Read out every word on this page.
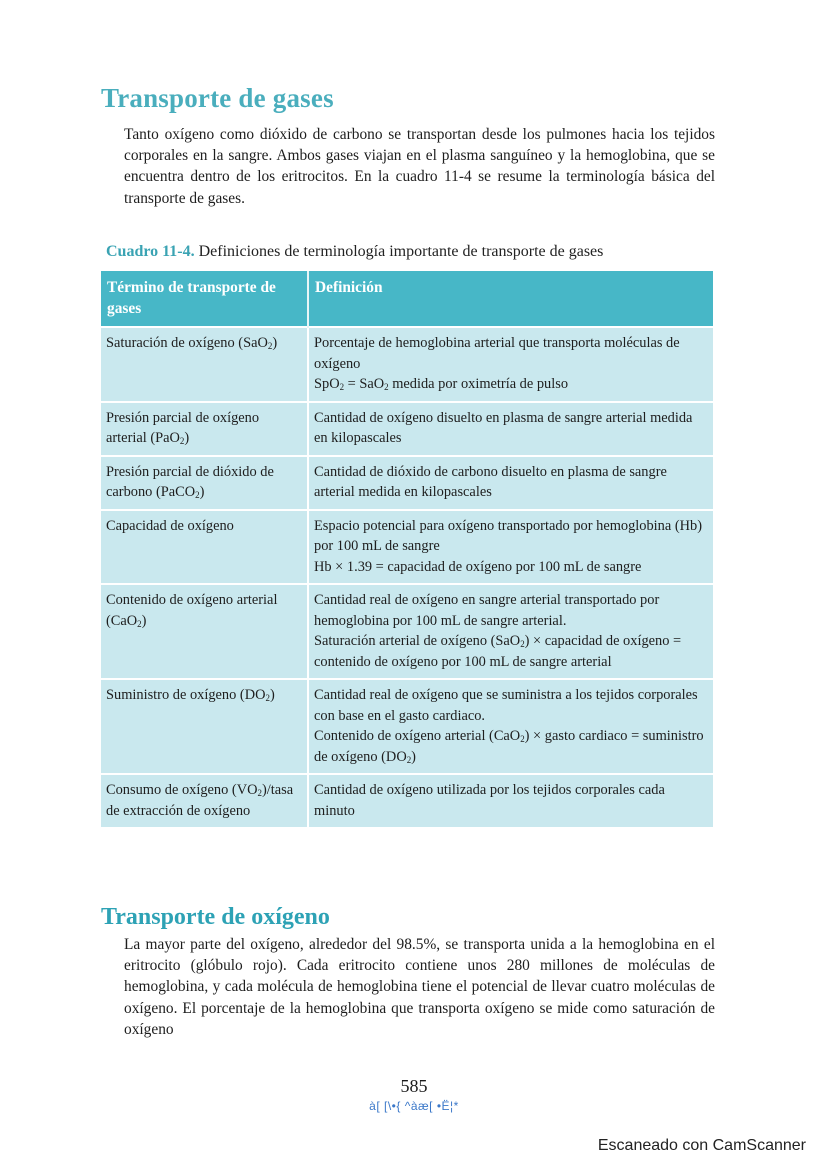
Transporte de gases
Tanto oxígeno como dióxido de carbono se transportan desde los pulmones hacia los tejidos corporales en la sangre. Ambos gases viajan en el plasma sanguíneo y la hemoglobina, que se encuentra dentro de los eritrocitos. En la cuadro 11-4 se resume la terminología básica del transporte de gases.
Cuadro 11-4. Definiciones de terminología importante de transporte de gases
Término de transporte de gases	Definición
Saturación de oxígeno (SaO$_2$)	Porcentaje de hemoglobina arterial que transporta moléculas de oxígeno
SpO$_2$ = SaO$_2$ medida por oximetría de pulso
Presión parcial de oxígeno arterial (PaO$_2$)	Cantidad de oxígeno disuelto en plasma de sangre arterial medida en kilopascales
Presión parcial de dióxido de carbono (PaCO$_2$)	Cantidad de dióxido de carbono disuelto en plasma de sangre arterial medida en kilopascales
Capacidad de oxígeno	Espacio potencial para oxígeno transportado por hemoglobina (Hb) por 100 mL de sangre
Hb × 1.39 = capacidad de oxígeno por 100 mL de sangre
Contenido de oxígeno arterial (CaO$_2$)	Cantidad real de oxígeno en sangre arterial transportado por hemoglobina por 100 mL de sangre arterial.
Saturación arterial de oxígeno (SaO$_2$) × capacidad de oxígeno = contenido de oxígeno por 100 mL de sangre arterial
Suministro de oxígeno $(DO_2)$	Cantidad real de oxígeno que se suministra a los tejidos corporales con base en el gasto cardiaco.
Contenido de oxígeno arterial (CaO$_2$) × gasto cardiaco = suministro de oxígeno $(DO_2)$
Consumo de oxígeno $(VO_2)$/tasa de extracción de oxígeno	Cantidad de oxígeno utilizada por los tejidos corporales cada minuto
Transporte de oxígeno
La mayor parte del oxígeno, alrededor del 98.5%, se transporta unida a la hemoglobina en el eritrocito (glóbulo rojo). Cada eritrocito contiene unos 280 millones de moléculas de hemoglobina, y cada molécula de hemoglobina tiene el potencial de llevar cuatro moléculas de oxígeno. El porcentaje de la hemoglobina que transporta oxígeno se mide como saturación de oxígeno
585
à[ [\•{ ^àæ[ •Ë¦*
Escaneado con CamScanner
